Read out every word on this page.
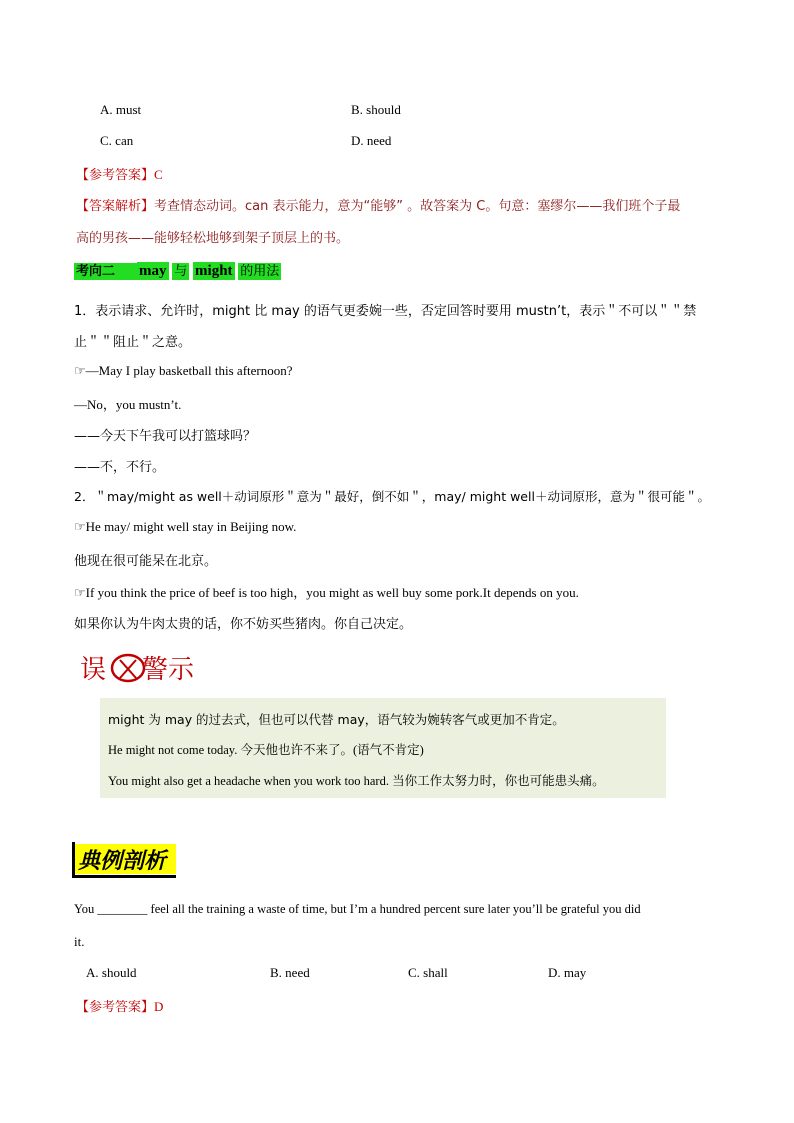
A. must	B. should
C. can	D. need
【参考答案】C
【答案解析】考查情态动词。can 表示能力，意为“能够” 。故答案为 C。句意：塞缪尔——我们班个子最
高的男孩——能够轻松地够到架子顶层上的书。
考向二 may 与 might 的用法
1．表示请求、允许时，might 比 may 的语气更委婉一些，否定回答时要用 mustn’t，表示＂不可以＂＂禁
止＂＂阻止＂之意。
☞—May I play basketball this afternoon?
—No，you mustn’t.
——今天下午我可以打篮球吗？
——不，不行。
2．＂may/might as well＋动词原形＂意为＂最好，倒不如＂，may/ might well＋动词原形，意为＂很可能＂。
☞He may/ might well stay in Beijing now.
他现在很可能呆在北京。
☞If you think the price of beef is too high，you might as well buy some pork.It depends on you.
如果你认为牛肉太贵的话，你不妨买些猪肉。你自己决定。
误 警示
might 为 may 的过去式，但也可以代替 may，语气较为婉转客气或更加不肯定。
He might not come today. 今天他也许不来了。(语气不肯定)
You might also get a headache when you work too hard. 当你工作太努力时，你也可能患头痛。
典例剖析
You ________ feel all the training a waste of time, but I’m a hundred percent sure later you’ll be grateful you did
it.
A. should	B. need	C. shall	D. may
【参考答案】D
